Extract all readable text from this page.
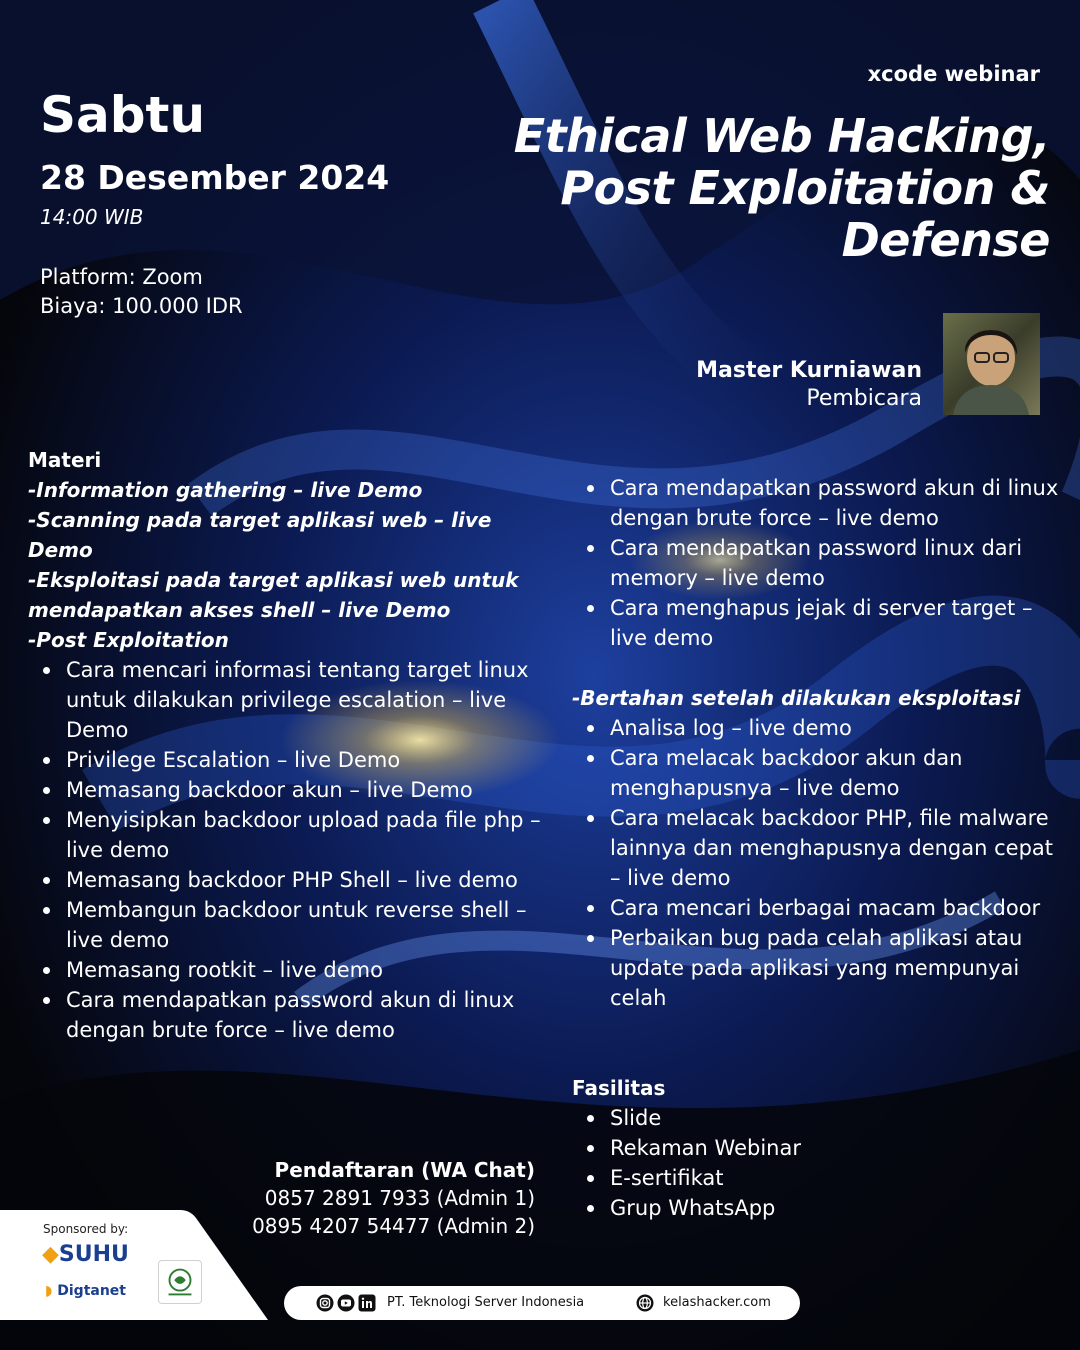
xcode webinar
Sabtu
28 Desember 2024
14:00 WIB
Platform: Zoom
Biaya: 100.000 IDR
Ethical Web Hacking,
Post Exploitation &
Defense
Master Kurniawan
Pembicara
Materi
-Information gathering – live Demo
-Scanning pada target aplikasi web – live Demo
-Eksploitasi pada target aplikasi web untuk mendapatkan akses shell – live Demo
-Post Exploitation
Cara mencari informasi tentang target linux untuk dilakukan privilege escalation – live Demo
Privilege Escalation – live Demo
Memasang backdoor akun – live Demo
Menyisipkan backdoor upload pada file php – live demo
Memasang backdoor PHP Shell – live demo
Membangun backdoor untuk reverse shell – live demo
Memasang rootkit – live demo
Cara mendapatkan password akun di linux dengan brute force – live demo
Cara mendapatkan password akun di linux dengan brute force – live demo
Cara mendapatkan password linux dari memory – live demo
Cara menghapus jejak di server target – live demo
-Bertahan setelah dilakukan eksploitasi
Analisa log – live demo
Cara melacak backdoor akun dan menghapusnya – live demo
Cara melacak backdoor PHP, file malware lainnya dan menghapusnya dengan cepat – live demo
Cara mencari berbagai macam backdoor
Perbaikan bug pada celah aplikasi atau update pada aplikasi yang mempunyai celah
Fasilitas
Slide
Rekaman Webinar
E-sertifikat
Grup WhatsApp
Pendaftaran (WA Chat)
0857 2891 7933 (Admin 1)
0895 4207 54477 (Admin 2)
Sponsored by:
◆SUHU
◗ Digtanet
PT. Teknologi Server Indonesia	kelashacker.com
